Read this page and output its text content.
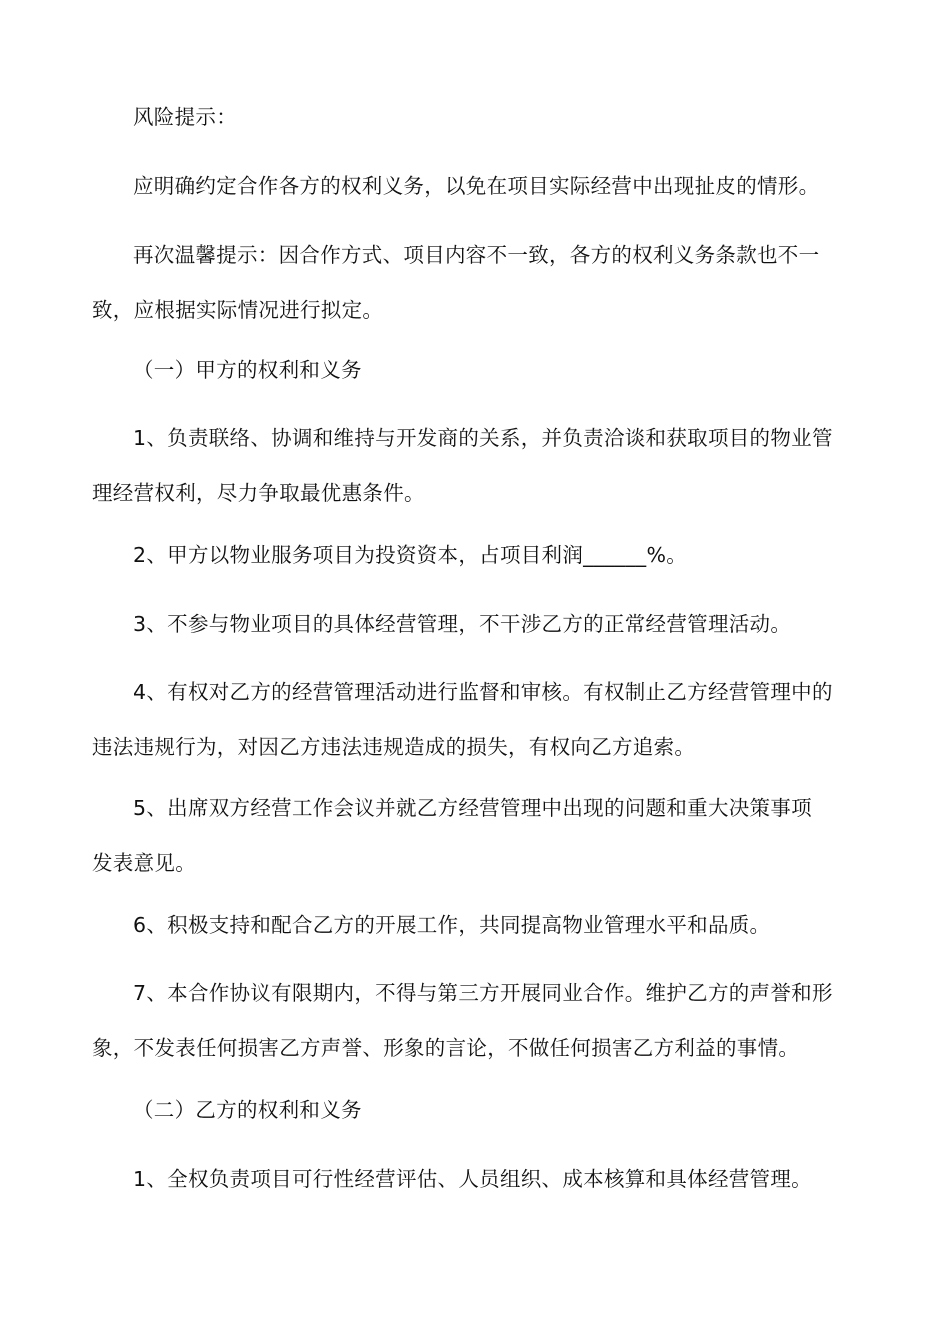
风险提示：

应明确约定合作各方的权利义务，以免在项目实际经营中出现扯皮的情形。

再次温馨提示：因合作方式、项目内容不一致，各方的权利义务条款也不一
致，应根据实际情况进行拟定。

（一）甲方的权利和义务

1、负责联络、协调和维持与开发商的关系，并负责洽谈和获取项目的物业管
理经营权利，尽力争取最优惠条件。

2、甲方以物业服务项目为投资资本，占项目利润______%。

3、不参与物业项目的具体经营管理，不干涉乙方的正常经营管理活动。

4、有权对乙方的经营管理活动进行监督和审核。有权制止乙方经营管理中的
违法违规行为，对因乙方违法违规造成的损失，有权向乙方追索。

5、出席双方经营工作会议并就乙方经营管理中出现的问题和重大决策事项
发表意见。

6、积极支持和配合乙方的开展工作，共同提高物业管理水平和品质。

7、本合作协议有限期内，不得与第三方开展同业合作。维护乙方的声誉和形
象，不发表任何损害乙方声誉、形象的言论，不做任何损害乙方利益的事情。

（二）乙方的权利和义务

1、全权负责项目可行性经营评估、人员组织、成本核算和具体经营管理。
